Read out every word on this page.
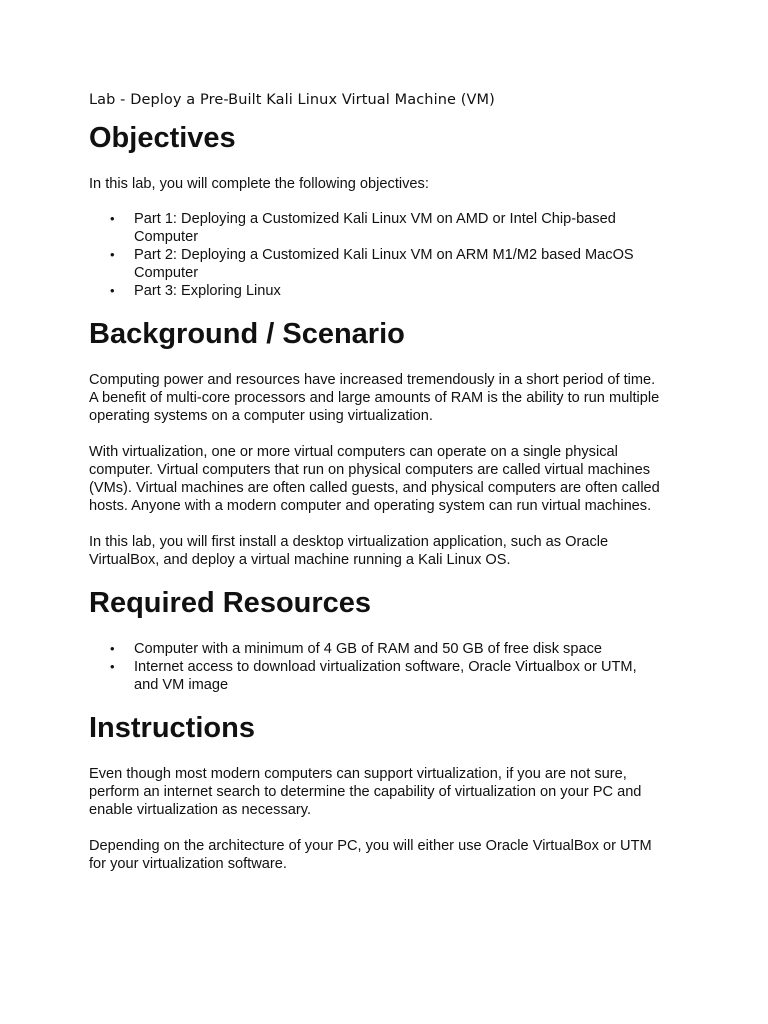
Lab - Deploy a Pre-Built Kali Linux Virtual Machine (VM)
Objectives

In this lab, you will complete the following objectives:

• Part 1: Deploying a Customized Kali Linux VM on AMD or Intel Chip-based
Computer
• Part 2: Deploying a Customized Kali Linux VM on ARM M1/M2 based MacOS
Computer
• Part 3: Exploring Linux
Background / Scenario

Computing power and resources have increased tremendously in a short period of time.
A benefit of multi-core processors and large amounts of RAM is the ability to run multiple
operating systems on a computer using virtualization.

With virtualization, one or more virtual computers can operate on a single physical
computer. Virtual computers that run on physical computers are called virtual machines
(VMs). Virtual machines are often called guests, and physical computers are often called
hosts. Anyone with a modern computer and operating system can run virtual machines.

In this lab, you will first install a desktop virtualization application, such as Oracle
VirtualBox, and deploy a virtual machine running a Kali Linux OS.

Required Resources
• Computer with a minimum of 4 GB of RAM and 50 GB of free disk space
• Internet access to download virtualization software, Oracle Virtualbox or UTM,
and VM image
Instructions

Even though most modern computers can support virtualization, if you are not sure,
perform an internet search to determine the capability of virtualization on your PC and
enable virtualization as necessary.

Depending on the architecture of your PC, you will either use Oracle VirtualBox or UTM
for your virtualization software.
